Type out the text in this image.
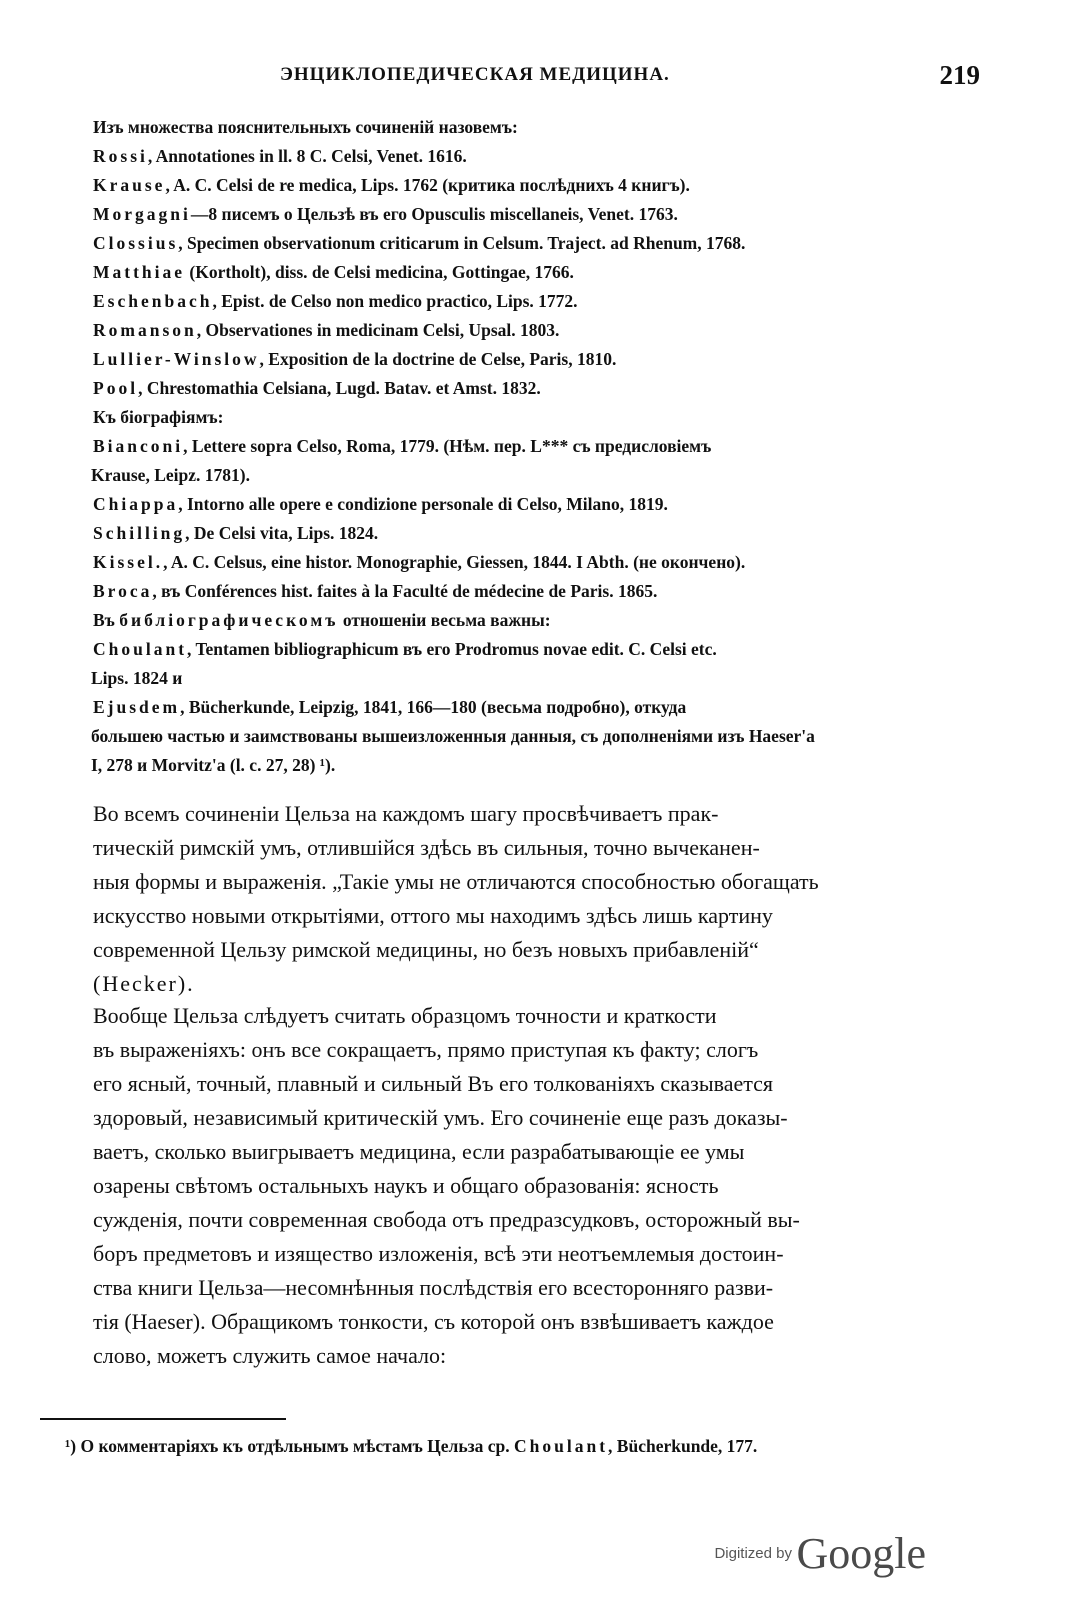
ЭНЦИКЛОПЕДИЧЕСКАЯ МЕДИЦИНА.	219
Изъ множества пояснительныхъ сочиненій назовемъ:
Rossi, Annotationes in ll. 8 C. Celsi, Venet. 1616.
Krause, A. C. Celsi de re medica, Lips. 1762 (критика послѣднихъ 4 книгъ).
Morgagni—8 писемъ о Цельзѣ въ его Opusculis miscellaneis, Venet. 1763.
Clossius, Specimen observationum criticarum in Celsum. Traject. ad Rhenum, 1768.
Matthiae (Kortholt), diss. de Celsi medicina, Gottingae, 1766.
Eschenbach, Epist. de Celso non medico practico, Lips. 1772.
Romanson, Observationes in medicinam Celsi, Upsal. 1803.
Lullier-Winslow, Exposition de la doctrine de Celse, Paris, 1810.
Pool, Chrestomathia Celsiana, Lugd. Batav. et Amst. 1832.
Къ біографіямъ:
Bianconi, Lettere sopra Celso, Roma, 1779. (Нѣм. пер. L*** съ предисловіемъ
Krause, Leipz. 1781).
Chiappa, Intorno alle opere e condizione personale di Celso, Milano, 1819.
Schilling, De Celsi vita, Lips. 1824.
Kissel., A. C. Celsus, eine histor. Monographie, Giessen, 1844. I Abth. (не окончено).
Broca, въ Conférences hist. faites à la Faculté de médecine de Paris. 1865.
Въ библіографическомъ отношеніи весьма важны:
Choulant, Tentamen bibliographicum въ его Prodromus novae edit. C. Celsi etc.
Lips. 1824 и
Ejusdem, Bücherkunde, Leipzig, 1841, 166—180 (весьма подробно), откуда
большею частью и заимствованы вышеизложенныя данныя, съ дополненіями изъ Haeser'a
I, 278 и Morvitz'a (l. c. 27, 28) ¹).
Во всемъ сочиненіи Цельза на каждомъ шагу просвѣчиваетъ прак-
тическій римскій умъ, отлившійся здѣсь въ сильныя, точно вычеканен-
ныя формы и выраженія. „Такіе умы не отличаются способностью обогащать
искусство новыми открытіями, оттого мы находимъ здѣсь лишь картину
современной Цельзу римской медицины, но безъ новыхъ прибавленій“
(Hecker).
Вообще Цельза слѣдуетъ считать образцомъ точности и краткости
въ выраженіяхъ: онъ все сокращаетъ, прямо приступая къ факту; слогъ
его ясный, точный, плавный и сильный Въ его толкованіяхъ сказывается
здоровый, независимый критическій умъ. Его сочиненіе еще разъ доказы-
ваетъ, сколько выигрываетъ медицина, если разрабатывающіе ее умы
озарены свѣтомъ остальныхъ наукъ и общаго образованія: ясность
сужденія, почти современная свобода отъ предразсудковъ, осторожный вы-
боръ предметовъ и изящество изложенія, всѣ эти неотъемлемыя достоин-
ства книги Цельза—несомнѣнныя послѣдствія его всесторонняго разви-
тія (Haeser). Обращикомъ тонкости, съ которой онъ взвѣшиваетъ каждое
слово, можетъ служить самое начало:
¹) О комментаріяхъ къ отдѣльнымъ мѣстамъ Цельза ср. Choulant, Bücherkunde, 177.
Digitized by Google
